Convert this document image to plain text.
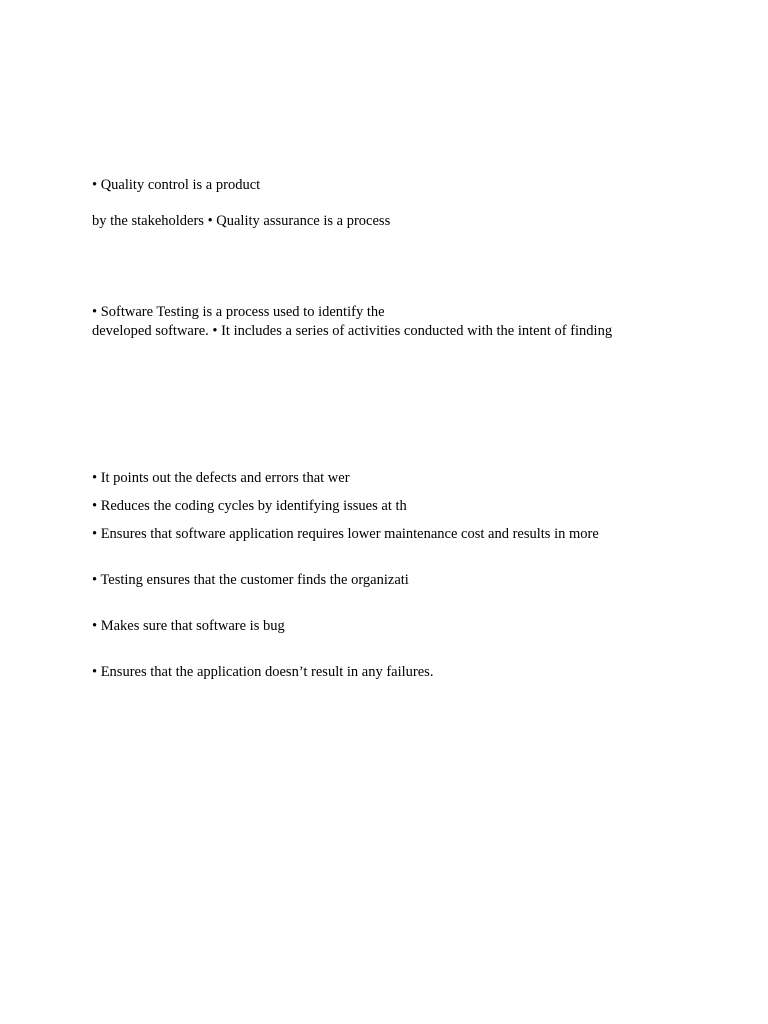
• Quality control is a product
by the stakeholders • Quality assurance is a process
• Software Testing is a process used to identify the
developed software. • It includes a series of activities conducted with the intent of finding
• It points out the defects and errors that wer
• Reduces the coding cycles by identifying issues at th
• Ensures that software application requires lower maintenance cost and results in more
• Testing ensures that the customer finds the organizati
• Makes sure that software is bug
• Ensures that the application doesn’t result in any failures.
